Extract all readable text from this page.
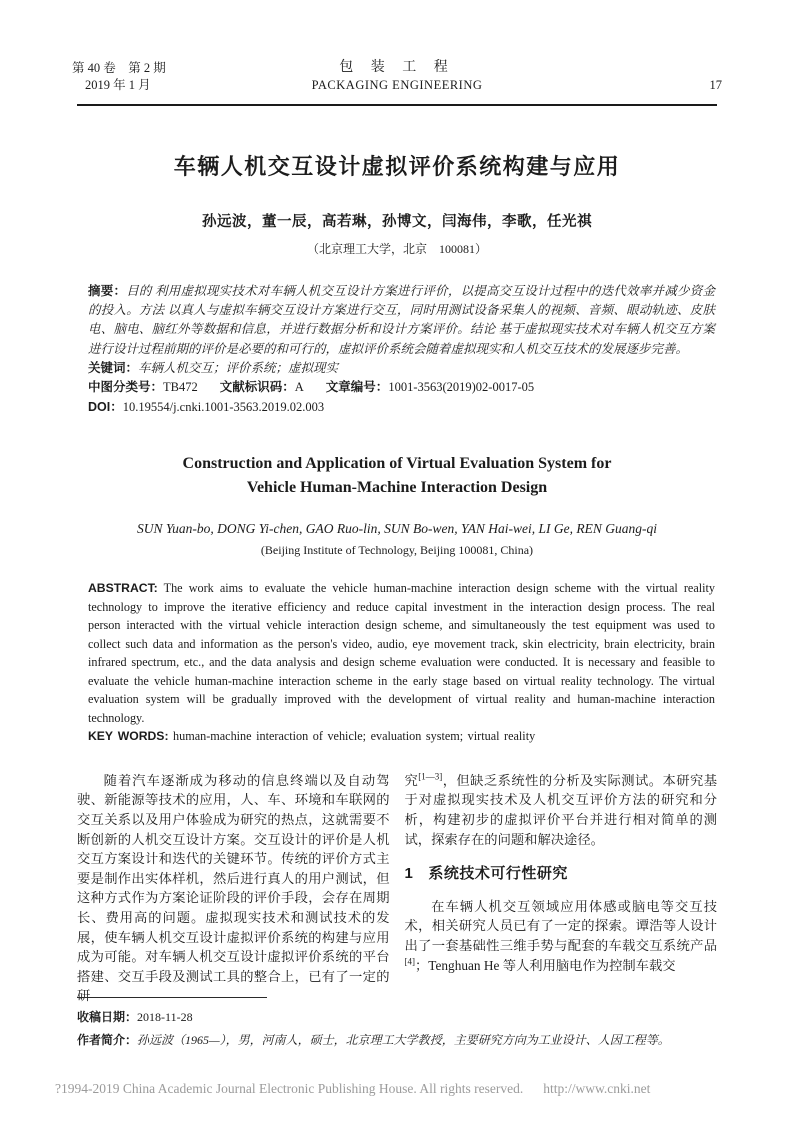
第 40 卷　第 2 期
2019 年 1 月
包 装 工 程
PACKAGING ENGINEERING	17
车辆人机交互设计虚拟评价系统构建与应用
孙远波，董一辰，高若琳，孙博文，闫海伟，李歌，任光祺
（北京理工大学，北京　100081）

摘要：目的 利用虚拟现实技术对车辆人机交互设计方案进行评价，以提高交互设计过程中的迭代效率并减少资金的投入。方法 以真人与虚拟车辆交互设计方案进行交互，同时用测试设备采集人的视频、音频、眼动轨迹、皮肤电、脑电、脑红外等数据和信息，并进行数据分析和设计方案评价。结论 基于虚拟现实技术对车辆人机交互方案进行设计过程前期的评价是必要的和可行的，虚拟评价系统会随着虚拟现实和人机交互技术的发展逐步完善。

关键词：车辆人机交互；评价系统；虚拟现实

中图分类号：TB472 文献标识码：A 文章编号：1001-3563(2019)02-0017-05

DOI：10.19554/j.cnki.1001-3563.2019.02.003

Construction and Application of Virtual Evaluation System for
Vehicle Human-Machine Interaction Design
SUN Yuan-bo, DONG Yi-chen, GAO Ruo-lin, SUN Bo-wen, YAN Hai-wei, LI Ge, REN Guang-qi
(Beijing Institute of Technology, Beijing 100081, China)

ABSTRACT: The work aims to evaluate the vehicle human-machine interaction design scheme with the virtual reality technology to improve the iterative efficiency and reduce capital investment in the interaction design process. The real person interacted with the virtual vehicle interaction design scheme, and simultaneously the test equipment was used to collect such data and information as the person's video, audio, eye movement track, skin electricity, brain electricity, brain infrared spectrum, etc., and the data analysis and design scheme evaluation were conducted. It is necessary and feasible to evaluate the vehicle human-machine interaction scheme in the early stage based on virtual reality technology. The virtual evaluation system will be gradually improved with the development of virtual reality and human-machine interaction technology.

KEY WORDS: human-machine interaction of vehicle; evaluation system; virtual reality

随着汽车逐渐成为移动的信息终端以及自动驾驶、新能源等技术的应用，人、车、环境和车联网的交互关系以及用户体验成为研究的热点，这就需要不断创新的人机交互设计方案。交互设计的评价是人机交互方案设计和迭代的关键环节。传统的评价方式主要是制作出实体样机，然后进行真人的用户测试，但这种方式作为方案论证阶段的评价手段，会存在周期长、费用高的问题。虚拟现实技术和测试技术的发展，使车辆人机交互设计虚拟评价系统的构建与应用成为可能。对车辆人机交互设计虚拟评价系统的平台搭建、交互手段及测试工具的整合上，已有了一定的研

究[1—3]，但缺乏系统性的分析及实际测试。本研究基于对虚拟现实技术及人机交互评价方法的研究和分析，构建初步的虚拟评价平台并进行相对简单的测试，探索存在的问题和解决途径。

1 系统技术可行性研究

在车辆人机交互领域应用体感或脑电等交互技术，相关研究人员已有了一定的探索。谭浩等人设计出了一套基础性三维手势与配套的车载交互系统产品[4]；Tenghuan He 等人利用脑电作为控制车载交

收稿日期：2018-11-28
作者简介：孙远波（1965—），男，河南人，硕士，北京理工大学教授，主要研究方向为工业设计、人因工程等。
?1994-2019 China Academic Journal Electronic Publishing House. All rights reserved. http://www.cnki.net
